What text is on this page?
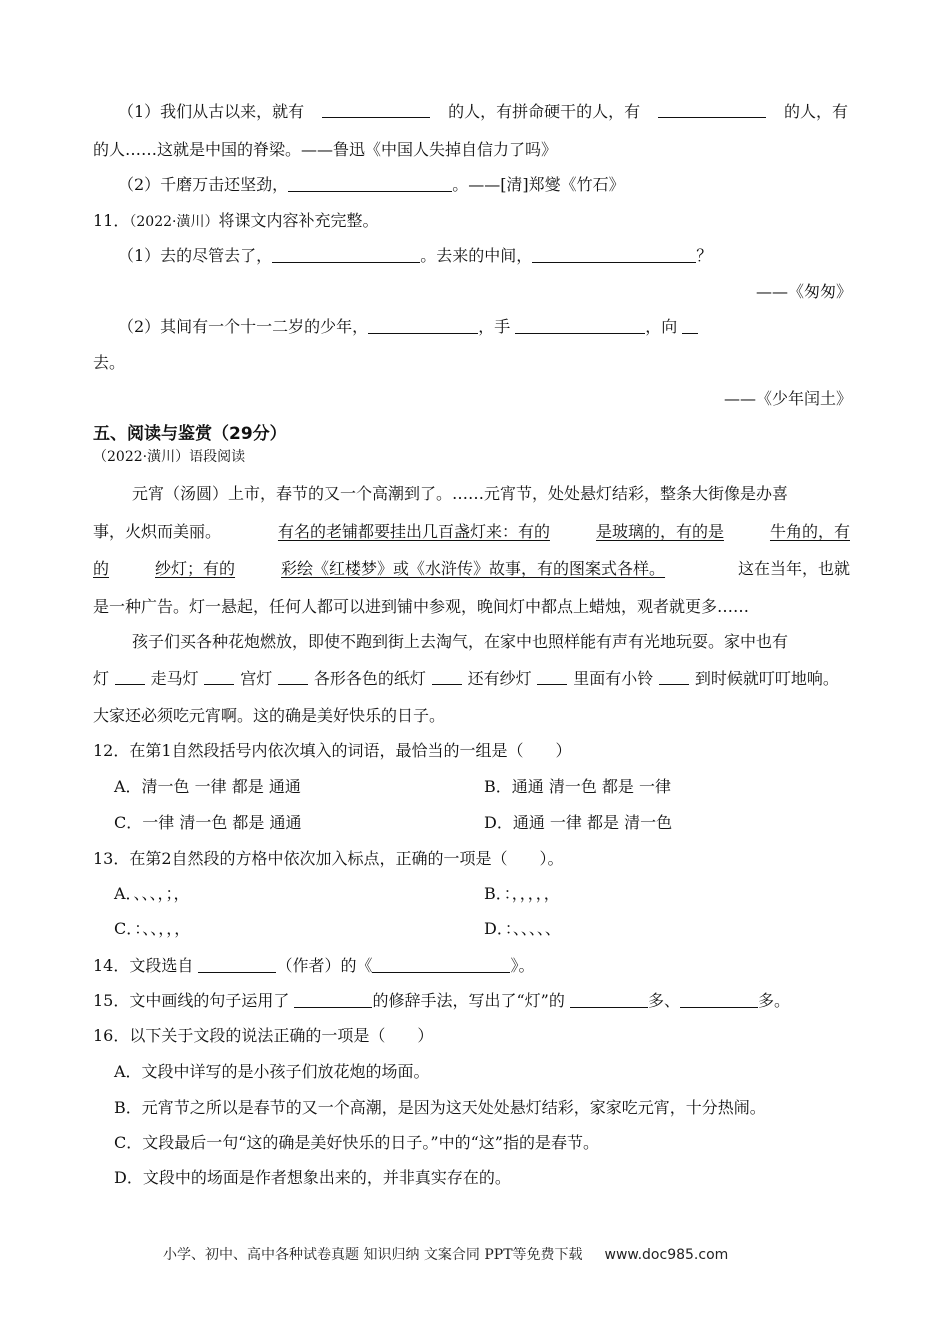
（1）我们从古以来，就有	的人，有拼命硬干的人，有	的人，有
的人……这就是中国的脊梁。——鲁迅《中国人失掉自信力了吗》
（2）千磨万击还坚劲，	。——[清]郑燮《竹石》
11．（2022·潢川）将课文内容补充完整。
（1）去的尽管去了，	。去来的中间，	？
——《匆匆》
（2）其间有一个十一二岁的少年，	，手	，向
去。
——《少年闰土》
五、阅读与鉴赏（29分）
（2022·潢川）语段阅读
元宵（汤圆）上市，春节的又一个高潮到了。……元宵节，处处悬灯结彩，整条大街像是办喜
事，火炽而美丽。	有名的老铺都要挂出几百盏灯来：有的	是玻璃的，有的是	牛角的，有
的	纱灯；有的	彩绘《红楼梦》或《水浒传》故事，有的图案式各样。	这在当年，也就
是一种广告。灯一悬起，任何人都可以进到铺中参观，晚间灯中都点上蜡烛，观者就更多……
孩子们买各种花炮燃放，即使不跑到街上去淘气，在家中也照样能有声有光地玩耍。家中也有
灯	走马灯	宫灯	各形各色的纸灯	还有纱灯	里面有小铃	到时候就叮叮地响。
大家还必须吃元宵啊。这的确是美好快乐的日子。
12．在第1自然段括号内依次填入的词语，最恰当的一组是（　　）
A．清一色 一律 都是 通通	B．通通 清一色 都是 一律
C．一律 清一色 都是 通通	D．通通 一律 都是 清一色
13．在第2自然段的方格中依次加入标点，正确的一项是（　　）。
A．、、、，；，	B．：，，，，，
C．：、、，，，	D．：、、、、、
14．文段选自	（作者）的《	》。
15．文中画线的句子运用了	的修辞手法，写出了“灯”的	多、	多。
16．以下关于文段的说法正确的一项是（　　）
A．文段中详写的是小孩子们放花炮的场面。
B．元宵节之所以是春节的又一个高潮，是因为这天处处悬灯结彩，家家吃元宵，十分热闹。
C．文段最后一句“这的确是美好快乐的日子。”中的“这”指的是春节。
D．文段中的场面是作者想象出来的，并非真实存在的。
小学、初中、高中各种试卷真题 知识归纳 文案合同 PPT等免费下载 www.doc985.com
